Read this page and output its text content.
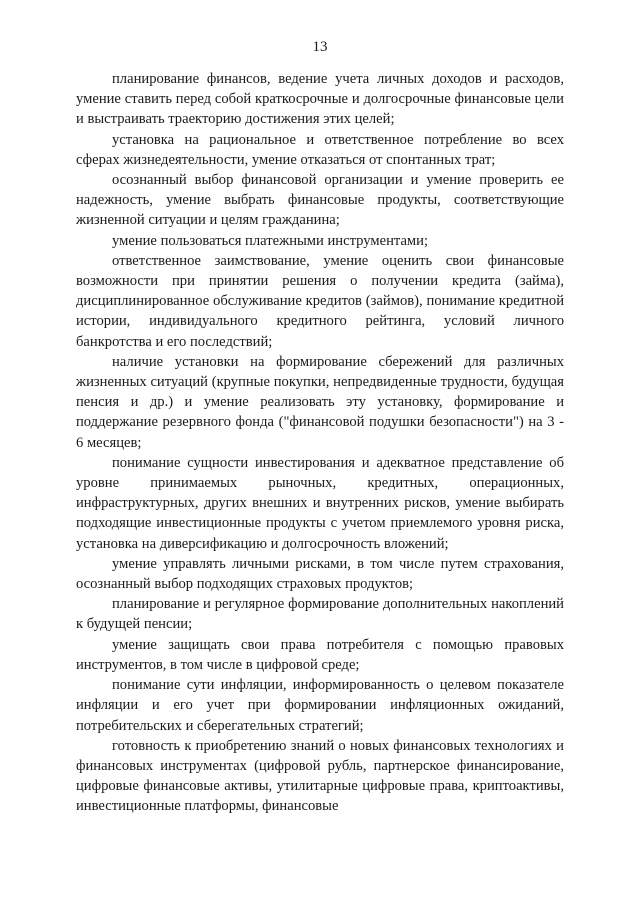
13

планирование финансов, ведение учета личных доходов и расходов, умение ставить перед собой краткосрочные и долгосрочные финансовые цели и выстраивать траекторию достижения этих целей;

установка на рациональное и ответственное потребление во всех сферах жизнедеятельности, умение отказаться от спонтанных трат;

осознанный выбор финансовой организации и умение проверить ее надежность, умение выбрать финансовые продукты, соответствующие жизненной ситуации и целям гражданина;

умение пользоваться платежными инструментами;

ответственное заимствование, умение оценить свои финансовые возможности при принятии решения о получении кредита (займа), дисциплинированное обслуживание кредитов (займов), понимание кредитной истории, индивидуального кредитного рейтинга, условий личного банкротства и его последствий;

наличие установки на формирование сбережений для различных жизненных ситуаций (крупные покупки, непредвиденные трудности, будущая пенсия и др.) и умение реализовать эту установку, формирование и поддержание резервного фонда ("финансовой подушки безопасности") на 3 - 6 месяцев;

понимание сущности инвестирования и адекватное представление об уровне принимаемых рыночных, кредитных, операционных, инфраструктурных, других внешних и внутренних рисков, умение выбирать подходящие инвестиционные продукты с учетом приемлемого уровня риска, установка на диверсификацию и долгосрочность вложений;

умение управлять личными рисками, в том числе путем страхования, осознанный выбор подходящих страховых продуктов;

планирование и регулярное формирование дополнительных накоплений к будущей пенсии;

умение защищать свои права потребителя с помощью правовых инструментов, в том числе в цифровой среде;

понимание сути инфляции, информированность о целевом показателе инфляции и его учет при формировании инфляционных ожиданий, потребительских и сберегательных стратегий;

готовность к приобретению знаний о новых финансовых технологиях и финансовых инструментах (цифровой рубль, партнерское финансирование, цифровые финансовые активы, утилитарные цифровые права, криптоактивы, инвестиционные платформы, финансовые
